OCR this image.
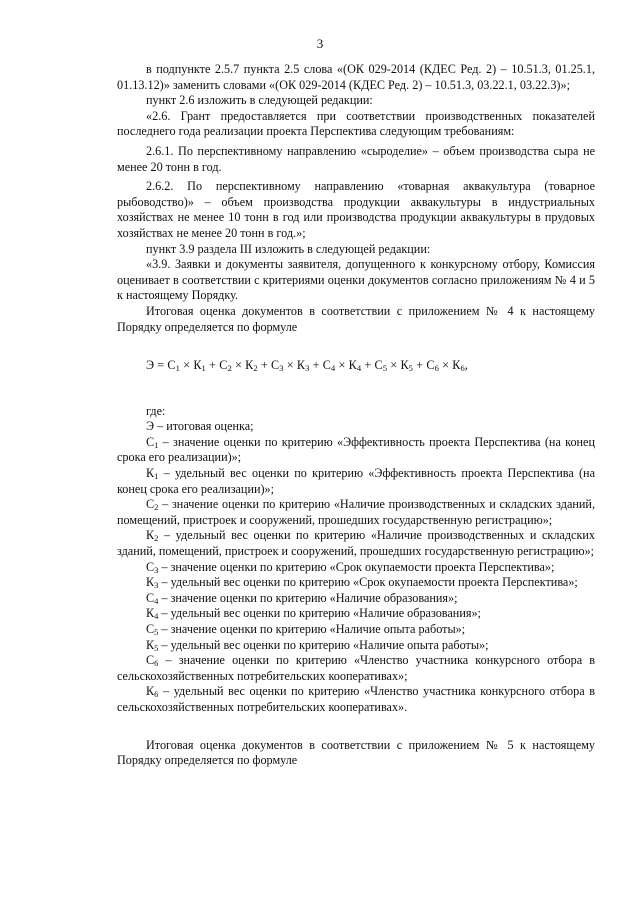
3

в подпункте 2.5.7 пункта 2.5 слова «(ОК 029-2014 (КДЕС Ред. 2) – 10.51.3, 01.25.1, 01.13.12)» заменить словами «(ОК 029-2014 (КДЕС Ред. 2) – 10.51.3, 03.22.1, 03.22.3)»;

пункт 2.6 изложить в следующей редакции:

«2.6. Грант предоставляется при соответствии производственных показателей последнего года реализации проекта Перспектива следующим требованиям:

2.6.1. По перспективному направлению «сыроделие» – объем производства сыра не менее 20 тонн в год.

2.6.2. По перспективному направлению «товарная аквакультура (товарное рыбоводство)» – объем производства продукции аквакультуры в индустриальных хозяйствах не менее 10 тонн в год или производства продукции аквакультуры в прудовых хозяйствах не менее 20 тонн в год.»;

пункт 3.9 раздела III изложить в следующей редакции:

«3.9. Заявки и документы заявителя, допущенного к конкурсному отбору, Комиссия оценивает в соответствии с критериями оценки документов согласно приложениям № 4 и 5 к настоящему Порядку.

Итоговая оценка документов в соответствии с приложением № 4 к настоящему Порядку определяется по формуле

$Э = С_1 \times К_1 + С_2 \times К_2 + С_3 \times К_3 + С_4 \times К_4 + С_5 \times К_5 + С_6 \times К_6$,

где:

Э – итоговая оценка;

$С_1$ – значение оценки по критерию «Эффективность проекта Перспектива (на конец срока его реализации)»;

$К_1$ – удельный вес оценки по критерию «Эффективность проекта Перспектива (на конец срока его реализации)»;

$С_2$ – значение оценки по критерию «Наличие производственных и складских зданий, помещений, пристроек и сооружений, прошедших государственную регистрацию»;

$К_2$ – удельный вес оценки по критерию «Наличие производственных и складских зданий, помещений, пристроек и сооружений, прошедших государственную регистрацию»;

$С_3$ – значение оценки по критерию «Срок окупаемости проекта Перспектива»;

$К_3$ – удельный вес оценки по критерию «Срок окупаемости проекта Перспектива»;

$С_4$ – значение оценки по критерию «Наличие образования»;

$К_4$ – удельный вес оценки по критерию «Наличие образования»;

$С_5$ – значение оценки по критерию «Наличие опыта работы»;

$К_5$ – удельный вес оценки по критерию «Наличие опыта работы»;

$С_6$ – значение оценки по критерию «Членство участника конкурсного отбора в сельскохозяйственных потребительских кооперативах»;

$К_6$ – удельный вес оценки по критерию «Членство участника конкурсного отбора в сельскохозяйственных потребительских кооперативах».

Итоговая оценка документов в соответствии с приложением № 5 к настоящему Порядку определяется по формуле
